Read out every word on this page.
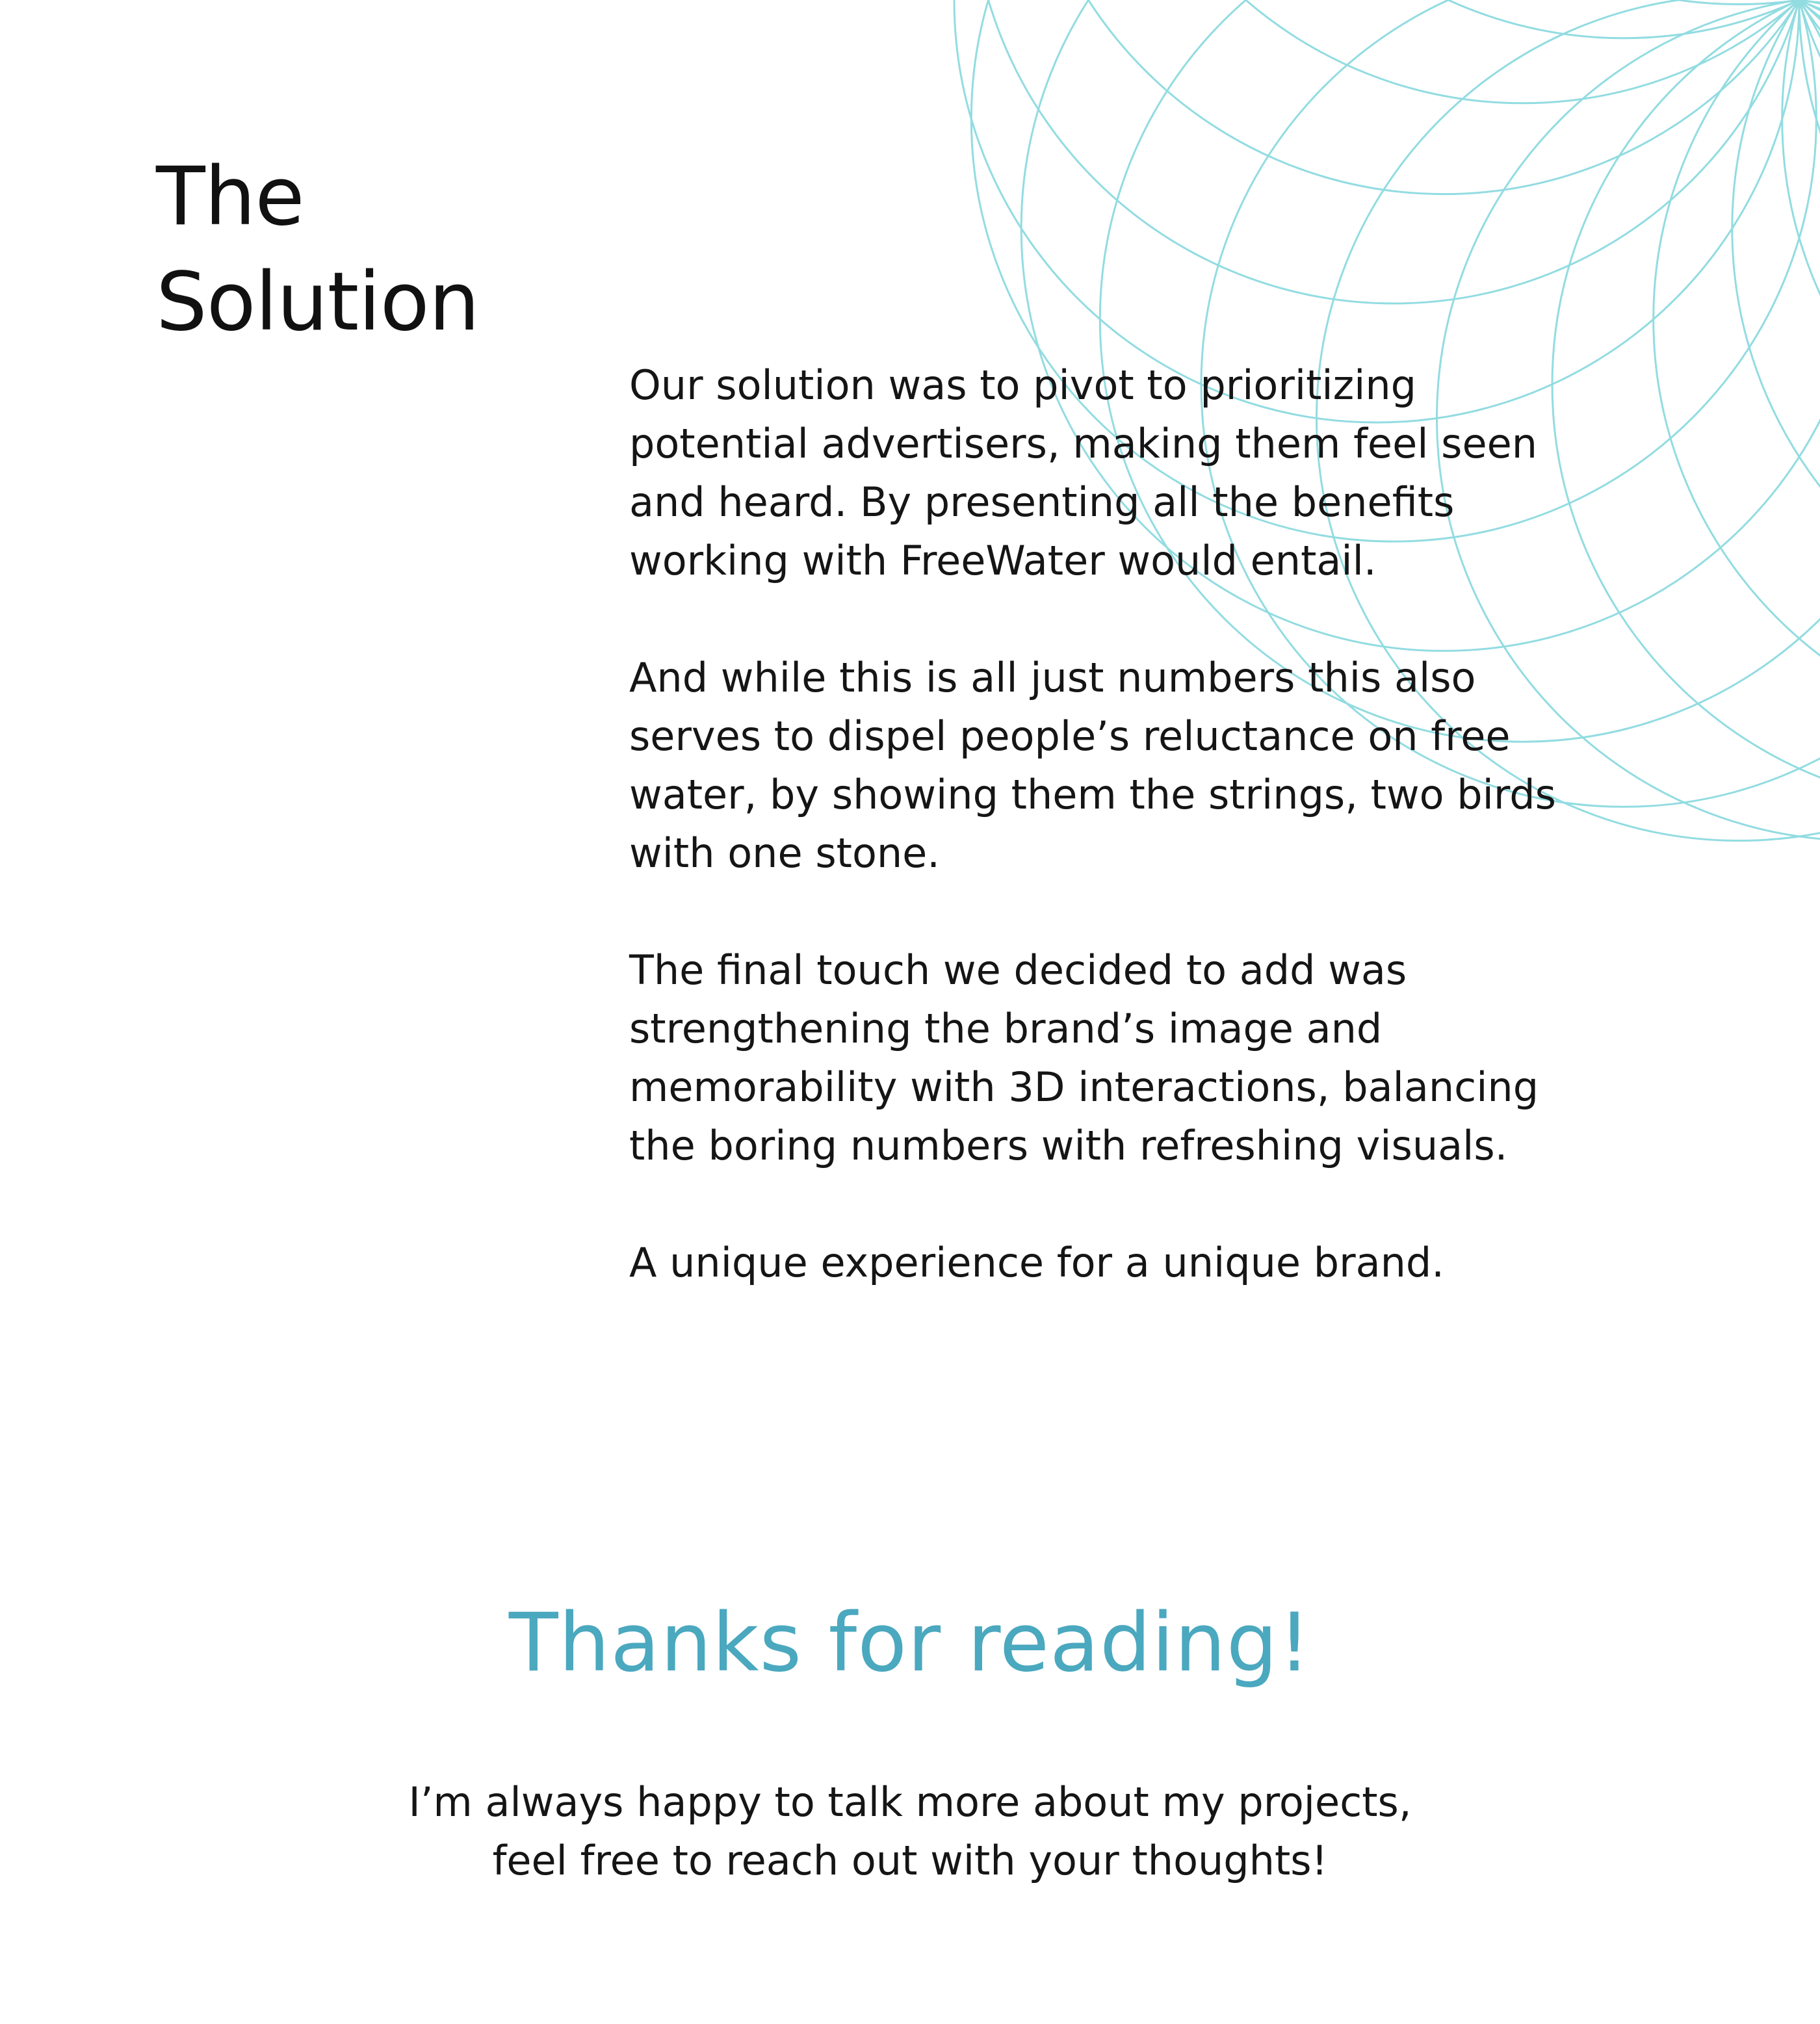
The
Solution

Our solution was to pivot to prioritizing
potential advertisers, making them feel seen
and heard. By presenting all the benefits
working with FreeWater would entail.

And while this is all just numbers this also
serves to dispel people’s reluctance on free
water, by showing them the strings, two birds
with one stone.

The final touch we decided to add was
strengthening the brand’s image and
memorability with 3D interactions, balancing
the boring numbers with refreshing visuals.

A unique experience for a unique brand.

Thanks for reading!

I’m always happy to talk more about my projects,
feel free to reach out with your thoughts!
